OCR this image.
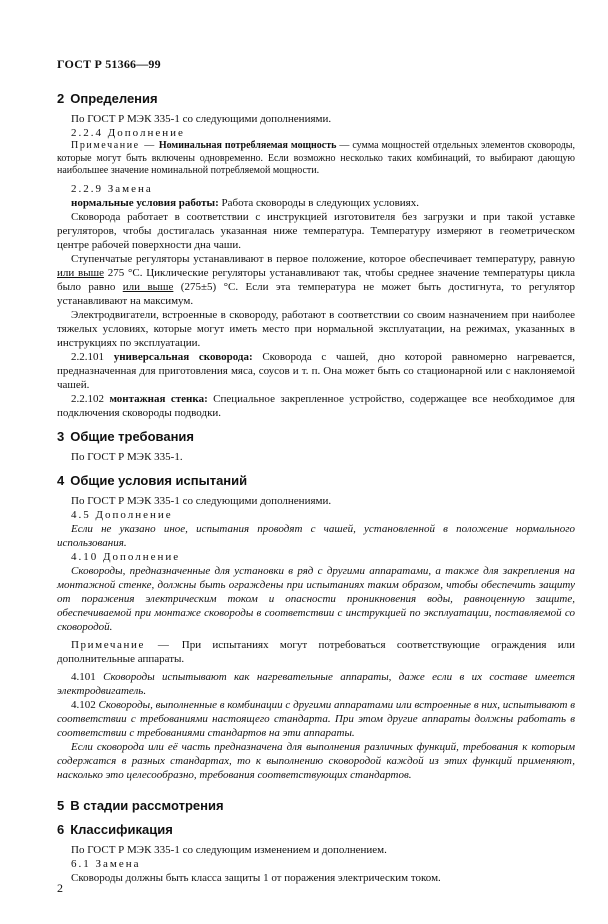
ГОСТ Р 51366—99
2 Определения

По ГОСТ Р МЭК 335-1 со следующими дополнениями.

2.2.4 Дополнение

Примечание — Номинальная потребляемая мощность — сумма мощностей отдельных элементов сковороды, которые могут быть включены одновременно. Если возможно несколько таких комбинаций, то выбирают дающую наибольшее значение номинальной потребляемой мощности.

2.2.9 Замена

нормальные условия работы: Работа сковороды в следующих условиях.

Сковорода работает в соответствии с инструкцией изготовителя без загрузки и при такой уставке регуляторов, чтобы достигалась указанная ниже температура. Температуру измеряют в геометрическом центре рабочей поверхности дна чаши.

Ступенчатые регуляторы устанавливают в первое положение, которое обеспечивает температуру, равную или выше 275 °С. Циклические регуляторы устанавливают так, чтобы среднее значение температуры цикла было равно или выше (275±5) °С. Если эта температура не может быть достигнута, то регулятор устанавливают на максимум.

Электродвигатели, встроенные в сковороду, работают в соответствии со своим назначением при наиболее тяжелых условиях, которые могут иметь место при нормальной эксплуатации, на режимах, указанных в инструкциях по эксплуатации.

2.2.101 универсальная сковорода: Сковорода с чашей, дно которой равномерно нагревается, предназначенная для приготовления мяса, соусов и т. п. Она может быть со стационарной или с наклоняемой чашей.

2.2.102 монтажная стенка: Специальное закрепленное устройство, содержащее все необходимое для подключения сковороды подводки.

3 Общие требования

По ГОСТ Р МЭК 335-1.

4 Общие условия испытаний

По ГОСТ Р МЭК 335-1 со следующими дополнениями.

4.5 Дополнение

Если не указано иное, испытания проводят с чашей, установленной в положение нормального использования.

4.10 Дополнение

Сковороды, предназначенные для установки в ряд с другими аппаратами, а также для закрепления на монтажной стенке, должны быть ограждены при испытаниях таким образом, чтобы обеспечить защиту от поражения электрическим током и опасности проникновения воды, равноценную защите, обеспечиваемой при монтаже сковороды в соответствии с инструкцией по эксплуатации, поставляемой со сковородой.

Примечание — При испытаниях могут потребоваться соответствующие ограждения или дополнительные аппараты.

4.101 Сковороды испытывают как нагревательные аппараты, даже если в их составе имеется электродвигатель.

4.102 Сковороды, выполненные в комбинации с другими аппаратами или встроенные в них, испытывают в соответствии с требованиями настоящего стандарта. При этом другие аппараты должны работать в соответствии с требованиями стандартов на эти аппараты.

Если сковорода или её часть предназначена для выполнения различных функций, требования к которым содержатся в разных стандартах, то к выполнению сковородой каждой из этих функций применяют, насколько это целесообразно, требования соответствующих стандартов.

5 В стадии рассмотрения
6 Классификация

По ГОСТ Р МЭК 335-1 со следующим изменением и дополнением.

6.1 Замена

Сковороды должны быть класса защиты 1 от поражения электрическим током.

2
